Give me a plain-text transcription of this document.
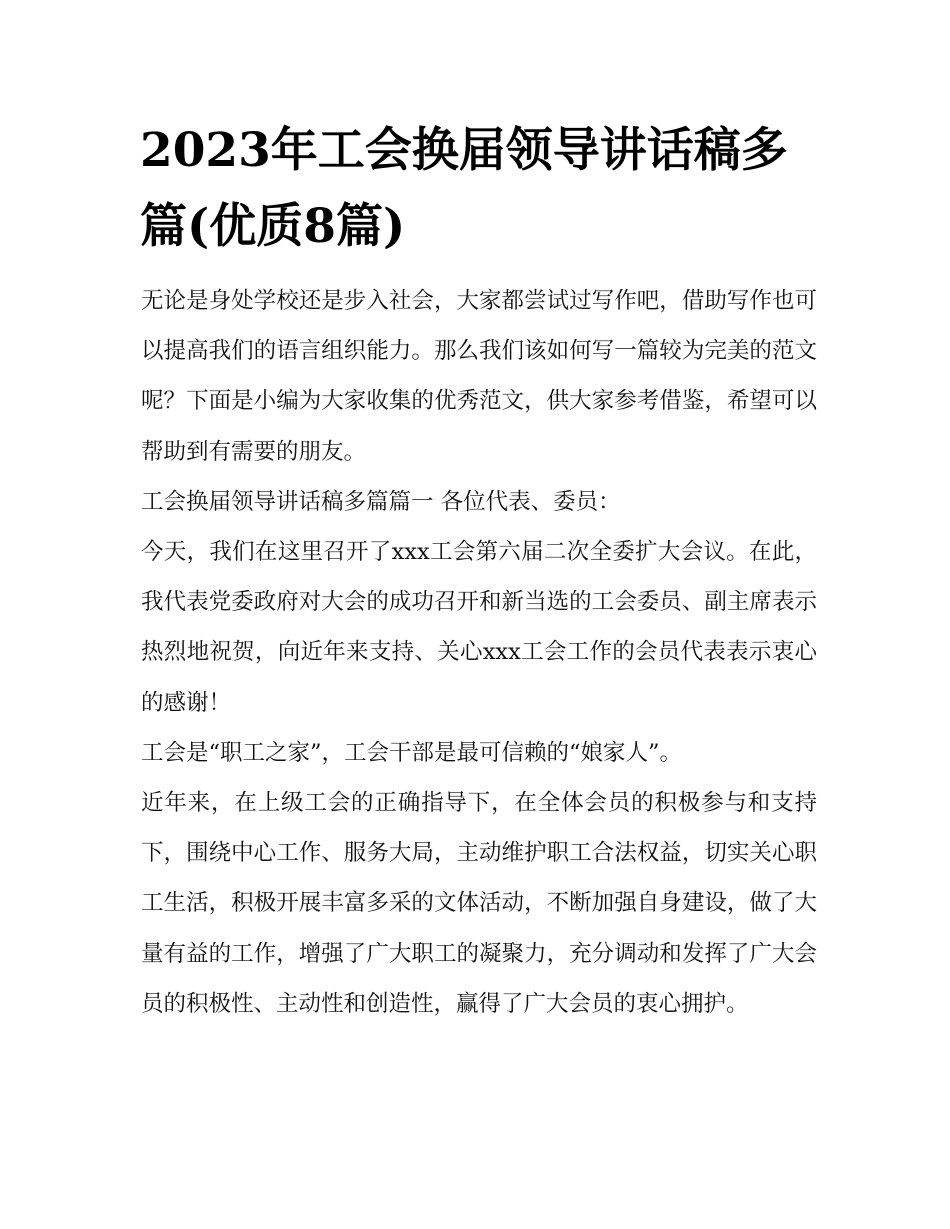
2023年工会换届领导讲话稿多篇(优质8篇)

无论是身处学校还是步入社会，大家都尝试过写作吧，借助写作也可以提高我们的语言组织能力。那么我们该如何写一篇较为完美的范文呢？下面是小编为大家收集的优秀范文，供大家参考借鉴，希望可以帮助到有需要的朋友。

工会换届领导讲话稿多篇篇一 各位代表、委员：

今天，我们在这里召开了xxx工会第六届二次全委扩大会议。在此，我代表党委政府对大会的成功召开和新当选的工会委员、副主席表示热烈地祝贺，向近年来支持、关心xxx工会工作的会员代表表示衷心的感谢！

工会是“职工之家”，工会干部是最可信赖的“娘家人”。

近年来，在上级工会的正确指导下，在全体会员的积极参与和支持下，围绕中心工作、服务大局，主动维护职工合法权益，切实关心职工生活，积极开展丰富多采的文体活动，不断加强自身建设，做了大量有益的工作，增强了广大职工的凝聚力，充分调动和发挥了广大会员的积极性、主动性和创造性，赢得了广大会员的衷心拥护。
